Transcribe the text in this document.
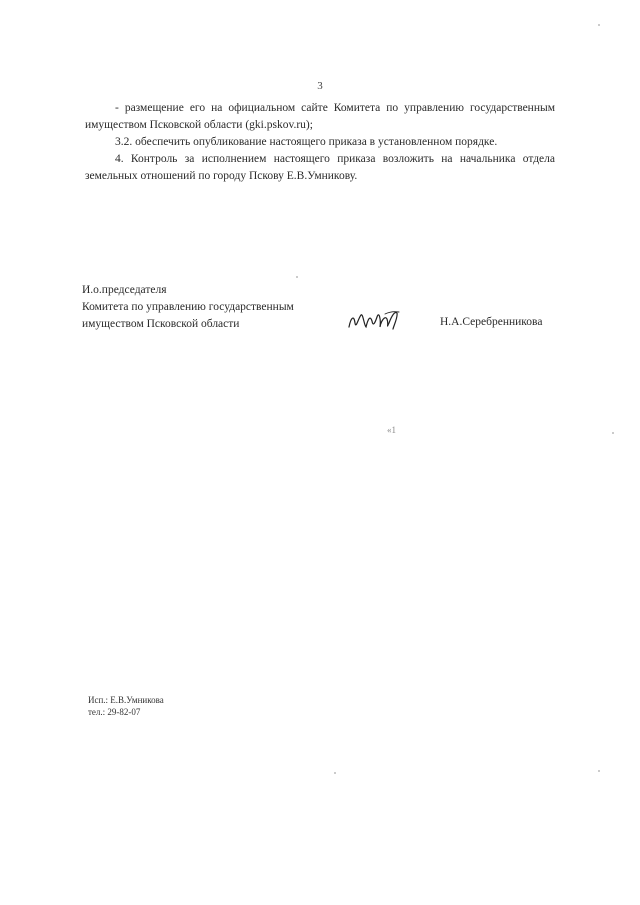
3

- размещение его на официальном сайте Комитета по управлению государственным имуществом Псковской области (gki.pskov.ru);

3.2. обеспечить опубликование настоящего приказа в установленном порядке.

4. Контроль за исполнением настоящего приказа возложить на начальника отдела земельных отношений по городу Пскову Е.В.Умникову.

И.о.председателя
Комитета по управлению государственным
имуществом Псковской области	Н.А.Серебренникова
«1
Исп.: Е.В.Умникова
тел.: 29-82-07
